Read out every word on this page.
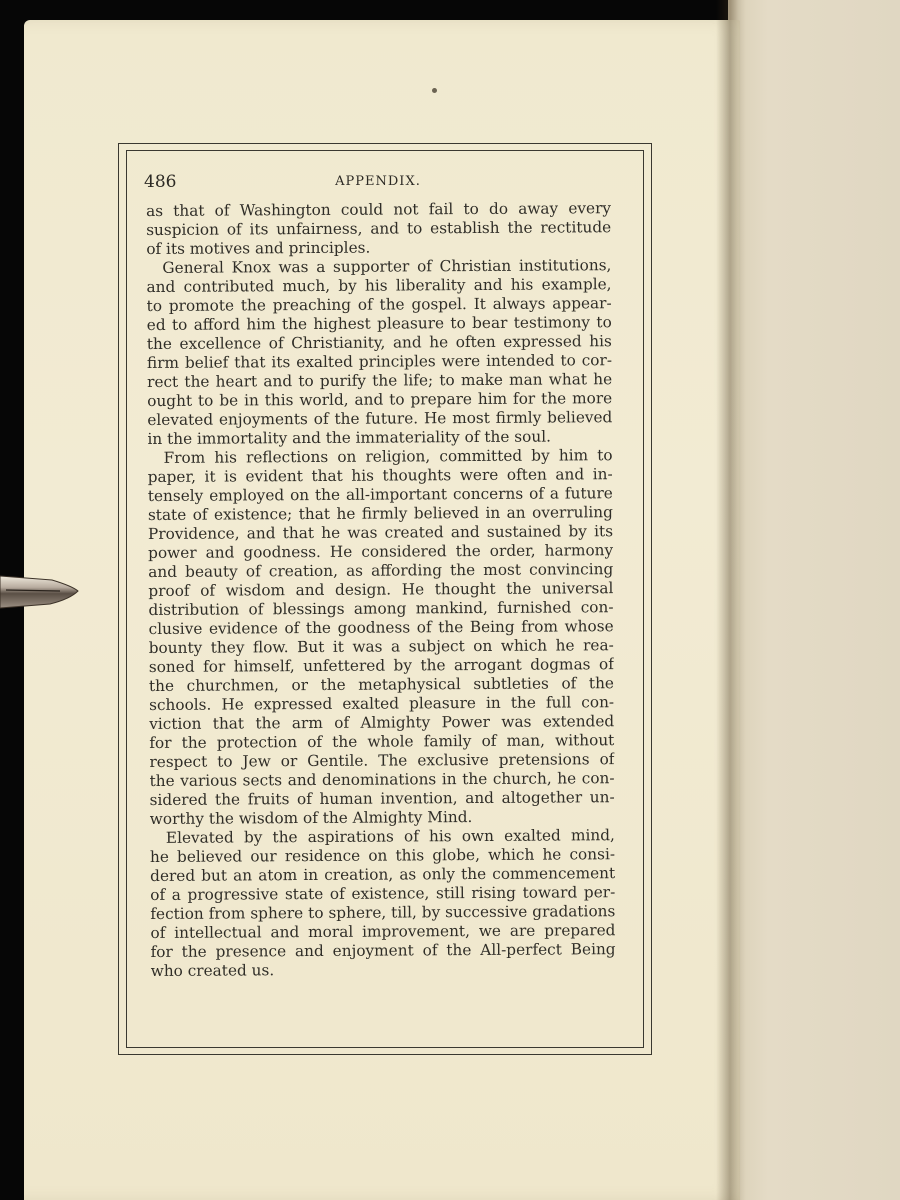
486	APPENDIX.
as that of Washington could not fail to do away every
suspicion of its unfairness, and to establish the rectitude
of its motives and principles.
General Knox was a supporter of Christian institutions,
and contributed much, by his liberality and his example,
to promote the preaching of the gospel. It always appear-
ed to afford him the highest pleasure to bear testimony to
the excellence of Christianity, and he often expressed his
firm belief that its exalted principles were intended to cor-
rect the heart and to purify the life; to make man what he
ought to be in this world, and to prepare him for the more
elevated enjoyments of the future. He most firmly believed
in the immortality and the immateriality of the soul.
From his reflections on religion, committed by him to
paper, it is evident that his thoughts were often and in-
tensely employed on the all-important concerns of a future
state of existence; that he firmly believed in an overruling
Providence, and that he was created and sustained by its
power and goodness. He considered the order, harmony
and beauty of creation, as affording the most convincing
proof of wisdom and design. He thought the universal
distribution of blessings among mankind, furnished con-
clusive evidence of the goodness of the Being from whose
bounty they flow. But it was a subject on which he rea-
soned for himself, unfettered by the arrogant dogmas of
the churchmen, or the metaphysical subtleties of the
schools. He expressed exalted pleasure in the full con-
viction that the arm of Almighty Power was extended
for the protection of the whole family of man, without
respect to Jew or Gentile. The exclusive pretensions of
the various sects and denominations in the church, he con-
sidered the fruits of human invention, and altogether un-
worthy the wisdom of the Almighty Mind.
Elevated by the aspirations of his own exalted mind,
he believed our residence on this globe, which he consi-
dered but an atom in creation, as only the commencement
of a progressive state of existence, still rising toward per-
fection from sphere to sphere, till, by successive gradations
of intellectual and moral improvement, we are prepared
for the presence and enjoyment of the All-perfect Being
who created us.
